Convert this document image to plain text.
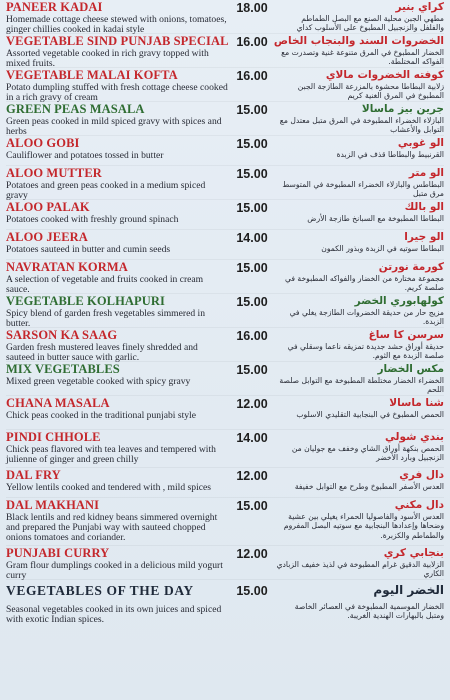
PANEER KADAI
Homemade cottage cheese stewed with onions, tomatoes, ginger chillies cooked in kadai style
18.00	كراي بنير
مطهي الجبن محلية الصنع مع البصل الطماطم والفلفل والزنجبيل المطبوخ على الأسلوب كداي
VEGETABLE SIND PUNJAB SPECIAL
Assorted vegetable cooked in rich gravy topped with mixed fruits.
16.00 الخضروات السند والبنجاب الخاص
الخضار المطبوخ في المرق متنوعة غنية وتصدرت مع الفواكه المختلطة.
VEGETABLE MALAI KOFTA
Potato dumpling stuffed with fresh cottage cheese cooked in a rich gravy of cream
16.00	كوفته الخضروات مالاي
زلابية البطاطا محشوة بالمزرعة الطازجة الجبن المطبوخ في المرق الغنية كريم
GREEN PEAS MASALA
Green peas cooked in mild spiced gravy with spices and herbs
15.00	جرين بيز ماسالا
البازلاء الخضراء المطبوخة في المرق متبل معتدل مع التوابل والأعشاب
ALOO GOBI
Cauliflower and potatoes tossed in butter
15.00	الو غوبي
القرنبيط والبطاطا قذف في الزبدة
ALOO MUTTER
Potatoes and green peas cooked in a medium spiced gravy
15.00	الو متر
البطاطس والبازلاء الخضراء المطبوخة في المتوسط مرق متبل
ALOO PALAK
Potatoes cooked with freshly ground spinach
15.00	الو بالك
البطاطا المطبوخة مع السبانخ طازجة الأرض
ALOO JEERA
Potatoes sauteed in butter and cumin seeds
14.00	الو جيرا
البطاطا سوتيه في الزبدة وبذور الكمون
NAVRATAN KORMA
A selection of vegetable and fruits cooked in cream sauce.
15.00	كورمة نورتن
مجموعة مختارة من الخضار والفواكه المطبوخة في صلصة كريم.
VEGETABLE KOLHAPURI
Spicy blend of garden fresh vegetables simmered in butter.
15.00	كولهابوري الخضر
مزيج حار من حديقة الخضروات الطازجة يغلي في الزبدة.
SARSON KA SAAG
Garden fresh mustered leaves finely shredded and sauteed in butter sauce with garlic.
16.00	سرسن كا ساغ
حديقة أوراق حشد جديدة تمزيقه ناعما وسقلي في صلصة الزبدة مع الثوم.
MIX VEGETABLES
Mixed green vegetable cooked with spicy gravy
15.00	مكس الخضار
الخضراء الخضار مختلطة المطبوخة مع التوابل صلصة اللحم
CHANA MASALA
Chick peas cooked in the traditional punjabi style
12.00	شنا ماسالا
الحمص المطبوخ في البنجابية التقليدي الاسلوب
PINDI CHHOLE
Chick peas flavored with tea leaves and tempered with julienne of ginger and green chilly
14.00	بندي شولي
الحمص بنكهة أوراق الشاي وخفف مع جوليان من الزنجبيل وبارد الأخضر
DAL FRY
Yellow lentils cooked and tendered with , mild spices
12.00	دال فري
العدس الأصفر المطبوخ وطرح مع التوابل خفيفة
DAL MAKHANI
Black lentils and red kidney beans simmered overnight and prepared the Punjabi way with sauteed chopped onions tomatoes and coriander.
15.00	دال مكني
العدس الأسود والفاصوليا الحمراء يغيلي بين عشية وضحاها وإعدادها البنجابية مع سوتيه البصل المفروم والطماطم والكزبرة.
PUNJABI CURRY
Gram flour dumplings cooked in a delicious mild yogurt curry
12.00	بنجابي كري
الزلابية الدقيق غرام المطبوخة في لذيذ خفيف الزبادي الكاري
VEGETABLES OF THE DAY
Seasonal vegetables cooked in its own juices and spiced with exotic Indian spices.
15.00	الخضر اليوم
الخضار الموسمية المطبوخة في العصائر الخاصة ومتبل بالبهارات الهندية الغريبة.
